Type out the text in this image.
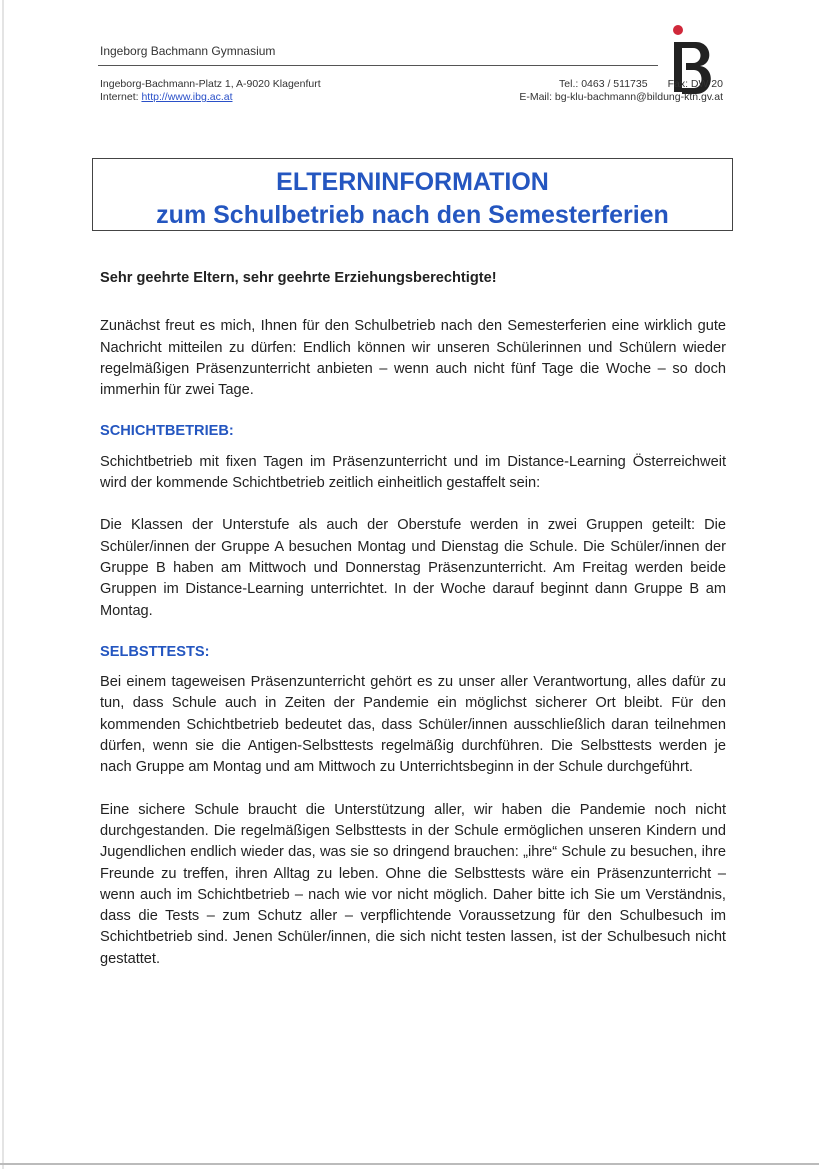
Ingeborg Bachmann Gymnasium
Ingeborg-Bachmann-Platz 1, A-9020 Klagenfurt
Internet: http://www.ibg.ac.at
Tel.: 0463 / 511735 Fax: DW 20
E-Mail: bg-klu-bachmann@bildung-ktn.gv.at
ELTERNINFORMATION
zum Schulbetrieb nach den Semesterferien

Sehr geehrte Eltern, sehr geehrte Erziehungsberechtigte!

Zunächst freut es mich, Ihnen für den Schulbetrieb nach den Semesterferien eine wirklich gute Nachricht mitteilen zu dürfen: Endlich können wir unseren Schülerinnen und Schülern wieder regelmäßigen Präsenzunterricht anbieten – wenn auch nicht fünf Tage die Woche – so doch immerhin für zwei Tage.

SCHICHTBETRIEB:

Schichtbetrieb mit fixen Tagen im Präsenzunterricht und im Distance-Learning Österreichweit wird der kommende Schichtbetrieb zeitlich einheitlich gestaffelt sein:

Die Klassen der Unterstufe als auch der Oberstufe werden in zwei Gruppen geteilt: Die Schüler/innen der Gruppe A besuchen Montag und Dienstag die Schule. Die Schüler/innen der Gruppe B haben am Mittwoch und Donnerstag Präsenzunterricht. Am Freitag werden beide Gruppen im Distance-Learning unterrichtet. In der Woche darauf beginnt dann Gruppe B am Montag.

SELBSTTESTS:

Bei einem tageweisen Präsenzunterricht gehört es zu unser aller Verantwortung, alles dafür zu tun, dass Schule auch in Zeiten der Pandemie ein möglichst sicherer Ort bleibt. Für den kommenden Schichtbetrieb bedeutet das, dass Schüler/innen ausschließlich daran teilnehmen dürfen, wenn sie die Antigen-Selbsttests regelmäßig durchführen. Die Selbsttests werden je nach Gruppe am Montag und am Mittwoch zu Unterrichtsbeginn in der Schule durchgeführt.

Eine sichere Schule braucht die Unterstützung aller, wir haben die Pandemie noch nicht durchgestanden. Die regelmäßigen Selbsttests in der Schule ermöglichen unseren Kindern und Jugendlichen endlich wieder das, was sie so dringend brauchen: „ihre“ Schule zu besuchen, ihre Freunde zu treffen, ihren Alltag zu leben. Ohne die Selbsttests wäre ein Präsenzunterricht – wenn auch im Schichtbetrieb – nach wie vor nicht möglich. Daher bitte ich Sie um Verständnis, dass die Tests – zum Schutz aller – verpflichtende Voraussetzung für den Schulbesuch im Schichtbetrieb sind. Jenen Schüler/innen, die sich nicht testen lassen, ist der Schulbesuch nicht gestattet.
